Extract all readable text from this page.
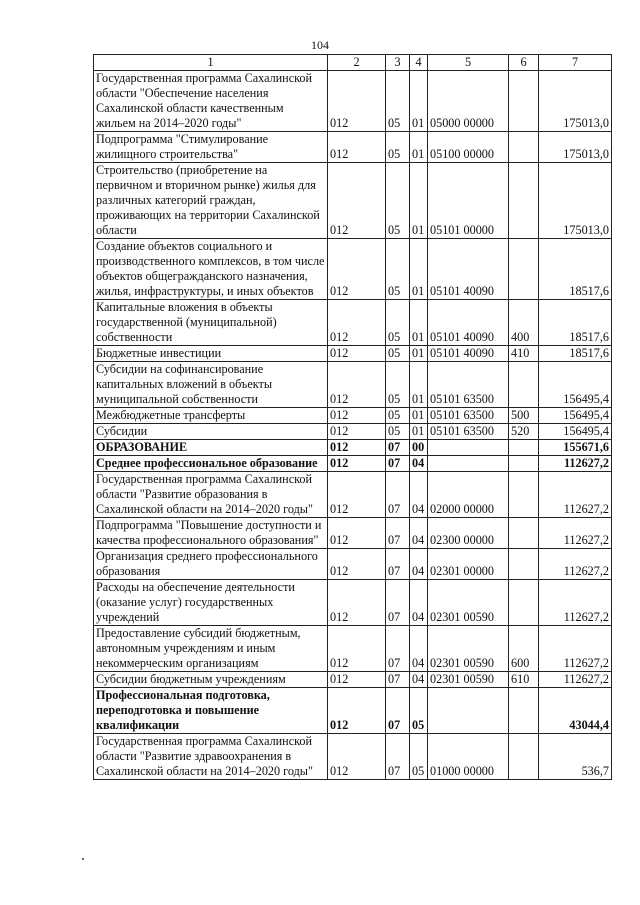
104
1	2	3	4	5	6	7
Государственная программа Сахалинской области "Обеспечение населения Сахалинской области качественным жильем на 2014–2020 годы"	012	05	01	05000 00000		175013,0
Подпрограмма "Стимулирование жилищного строительства"	012	05	01	05100 00000		175013,0
Строительство (приобретение на первичном и вторичном рынке) жилья для различных категорий граждан, проживающих на территории Сахалинской области	012	05	01	05101 00000		175013,0
Создание объектов социального и производственного комплексов, в том числе объектов общегражданского назначения, жилья, инфраструктуры, и иных объектов	012	05	01	05101 40090		18517,6
Капитальные вложения в объекты государственной (муниципальной) собственности	012	05	01	05101 40090	400	18517,6
Бюджетные инвестиции	012	05	01	05101 40090	410	18517,6
Субсидии на софинансирование капитальных вложений в объекты муниципальной собственности	012	05	01	05101 63500		156495,4
Межбюджетные трансферты	012	05	01	05101 63500	500	156495,4
Субсидии	012	05	01	05101 63500	520	156495,4
ОБРАЗОВАНИЕ	012	07	00			155671,6
Среднее профессиональное образование	012	07	04			112627,2
Государственная программа Сахалинской области "Развитие образования в Сахалинской области на 2014–2020 годы"	012	07	04	02000 00000		112627,2
Подпрограмма "Повышение доступности и качества профессионального образования"	012	07	04	02300 00000		112627,2
Организация среднего профессионального образования	012	07	04	02301 00000		112627,2
Расходы на обеспечение деятельности (оказание услуг) государственных учреждений	012	07	04	02301 00590		112627,2
Предоставление субсидий бюджетным, автономным учреждениям и иным некоммерческим организациям	012	07	04	02301 00590	600	112627,2
Субсидии бюджетным учреждениям	012	07	04	02301 00590	610	112627,2
Профессиональная подготовка, переподготовка и повышение квалификации	012	07	05			43044,4
Государственная программа Сахалинской области "Развитие здравоохранения в Сахалинской области на 2014–2020 годы"	012	07	05	01000 00000		536,7
